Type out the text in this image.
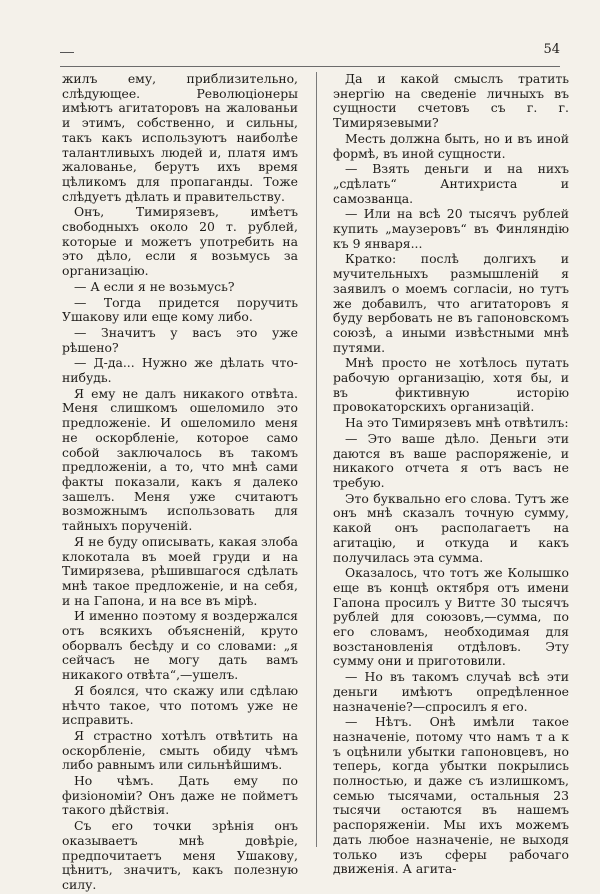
54

жилъ ему, приблизительно, слѣдующее. Революціонеры имѣютъ агитаторовъ на жалованьи и этимъ, собственно, и сильны, такъ какъ используютъ наиболѣе талантливыхъ людей и, платя имъ жалованье, берутъ ихъ время цѣликомъ для пропаганды. Тоже слѣдуетъ дѣлать и правительству.

Онъ, Тимирязевъ, имѣетъ свободныхъ около 20 т. рублей, которые и можетъ употребить на это дѣло, если я возьмусь за организацію.

— А если я не возьмусь?

— Тогда придется поручить Ушакову или еще кому либо.

— Значитъ у васъ это уже рѣшено?

— Д-да... Нужно же дѣлать что-нибудь.

Я ему не далъ никакого отвѣта. Меня слишкомъ ошеломило это предложеніе. И ошеломило меня не оскорбленіе, которое само собой заключалось въ такомъ предложеніи, а то, что мнѣ сами факты показали, какъ я далеко зашелъ. Меня уже считаютъ возможнымъ использовать для тайныхъ порученій.

Я не буду описывать, какая злоба клокотала въ моей груди и на Тимирязева, рѣшившагося сдѣлать мнѣ такое предложеніе, и на себя, и на Гапона, и на все въ мірѣ.

И именно поэтому я воздержался отъ всякихъ объясненій, круто оборвалъ бесѣду и со словами: „я сейчасъ не могу дать вамъ никакого отвѣта“,—ушелъ.

Я боялся, что скажу или сдѣлаю нѣчто такое, что потомъ уже не исправить.

Я страстно хотѣлъ отвѣтить на оскорбленіе, смыть обиду чѣмъ либо равнымъ или сильнѣйшимъ.

Но чѣмъ. Дать ему по физіономіи? Онъ даже не пойметъ такого дѣйствія.

Съ его точки зрѣнія онъ оказываетъ мнѣ довѣріе, предпочитаетъ меня Ушакову, цѣнитъ, значитъ, какъ полезную силу.

Да и какой смыслъ тратить энергію на сведеніе личныхъ въ сущности счетовъ съ г. г. Тимирязевыми?

Месть должна быть, но и въ иной формѣ, въ иной сущности.

— Взять деньги и на нихъ „сдѣлать“ Антихриста и самозванца.

— Или на всѣ 20 тысячъ рублей купить „маузеровъ“ въ Финляндію къ 9 января...

Кратко: послѣ долгихъ и мучительныхъ размышленій я заявилъ о моемъ согласіи, но тутъ же добавилъ, что агитаторовъ я буду вербовать не въ гапоновскомъ союзѣ, а иными извѣстными мнѣ путями.

Мнѣ просто не хотѣлось путать рабочую организацію, хотя бы, и въ фиктивную исторію провокаторскихъ организацій.

На это Тимирязевъ мнѣ отвѣтилъ:

— Это ваше дѣло. Деньги эти даются въ ваше распоряженіе, и никакого отчета я отъ васъ не требую.

Это буквально его слова. Тутъ же онъ мнѣ сказалъ точную сумму, какой онъ располагаетъ на агитацію, и откуда и какъ получилась эта сумма.

Оказалось, что тотъ же Колышко еще въ концѣ октября отъ имени Гапона просилъ у Витте 30 тысячъ рублей для союзовъ,—сумма, по его словамъ, необходимая для возстановленія отдѣловъ. Эту сумму они и приготовили.

— Но въ такомъ случаѣ всѣ эти деньги имѣютъ опредѣленное назначеніе?—спросилъ я его.

— Нѣтъ. Онѣ имѣли такое назначеніе, потому что намъ т а к ъ оцѣнили убытки гапоновцевъ, но теперь, когда убытки покрылись полностью, и даже съ излишкомъ, семью тысячами, остальныя 23 тысячи остаются въ нашемъ распоряженіи. Мы ихъ можемъ дать любое назначеніе, не выходя только изъ сферы рабочаго движенія. А агита-
